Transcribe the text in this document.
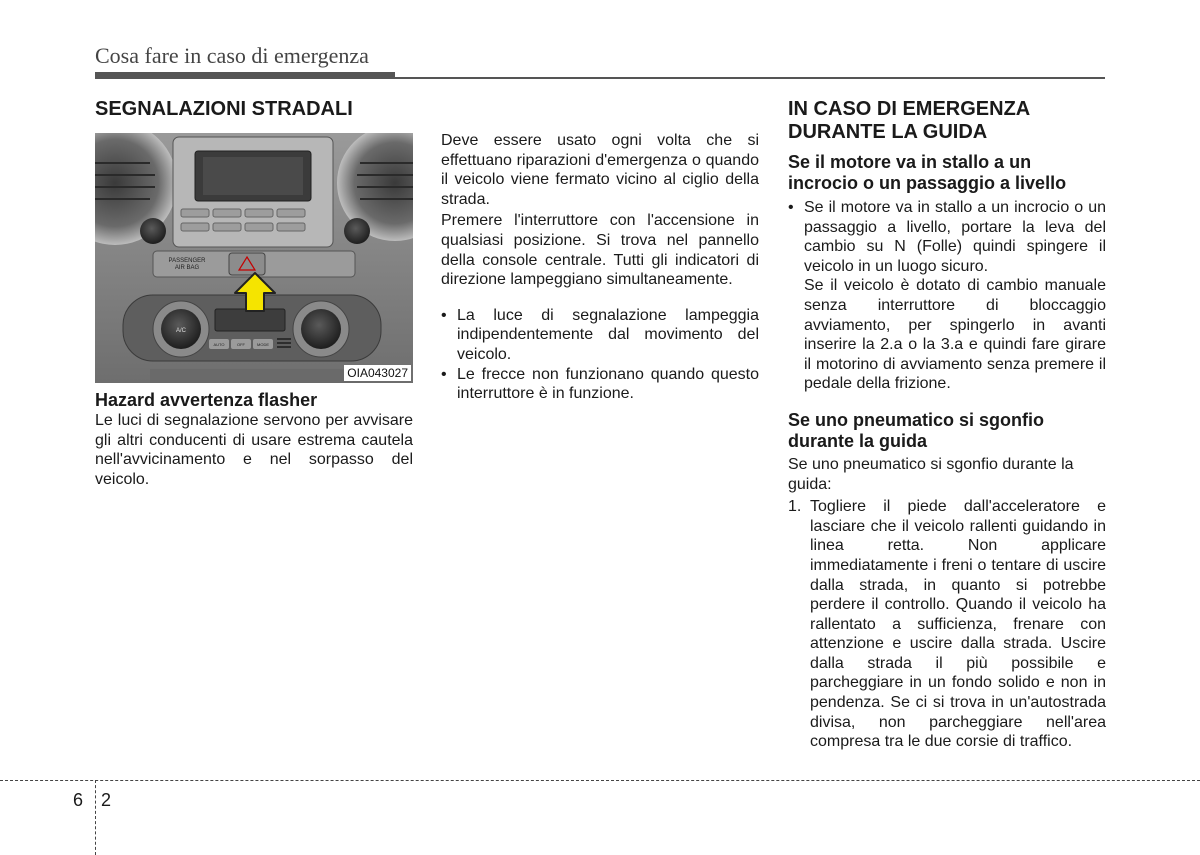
Cosa fare in caso di emergenza
SEGNALAZIONI STRADALI
PASSENGER
AIR BAG
A/C
AUTO	OFF	MODE
OIA043027
Hazard avvertenza flasher

Le luci di segnalazione servono per avvisare gli altri conducenti di usare estrema cautela nell'avvicinamento e nel sorpasso del veicolo.

Deve essere usato ogni volta che si effettuano riparazioni d'emergenza o quando il veicolo viene fermato vicino al ciglio della strada.

Premere l'interruttore con l'accensione in qualsiasi posizione. Si trova nel pannello della console centrale. Tutti gli indicatori di direzione lampeggiano simultaneamente.

• La luce di segnalazione lampeggia indipendentemente dal movimento del veicolo.
• Le frecce non funzionano quando questo interruttore è in funzione.
IN CASO DI EMERGENZA
DURANTE LA GUIDA
Se il motore va in stallo a un incrocio o un passaggio a livello
• Se il motore va in stallo a un incrocio o un passaggio a livello, portare la leva del cambio su N (Folle) quindi spingere il veicolo in un luogo sicuro.

Se il veicolo è dotato di cambio manuale senza interruttore di bloccaggio avviamento, per spingerlo in avanti inserire la 2.a o la 3.a e quindi fare girare il motorino di avviamento senza premere il pedale della frizione.

Se uno pneumatico si sgonfio durante la guida

Se uno pneumatico si sgonfio durante la guida:

1. Togliere il piede dall'acceleratore e lasciare che il veicolo rallenti guidando in linea retta. Non applicare immediatamente i freni o tentare di uscire dalla strada, in quanto si potrebbe perdere il controllo. Quando il veicolo ha rallentato a sufficienza, frenare con attenzione e uscire dalla strada. Uscire dalla strada il più possibile e parcheggiare in un fondo solido e non in pendenza. Se ci si trova in un'autostrada divisa, non parcheggiare nell'area compresa tra le due corsie di traffico.
6 2
